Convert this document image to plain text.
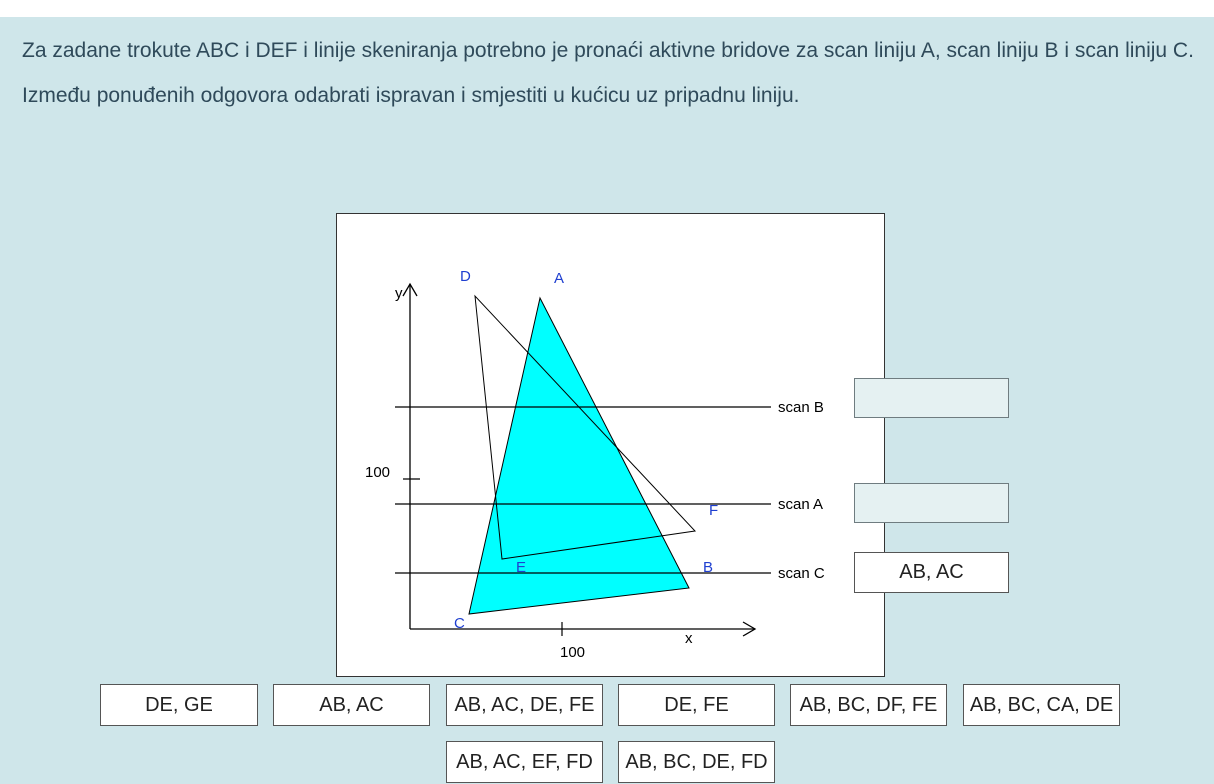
Za zadane trokute ABC i DEF i linije skeniranja potrebno je pronaći aktivne bridove za scan liniju A, scan liniju B i scan liniju C.

Između ponuđenih odgovora odabrati ispravan i smjestiti u kućicu uz pripadnu liniju.

y
x
100
100
scan B
scan A
scan C
A
B
C
D
E
F
AB, AC
DE, GE	AB, AC	AB, AC, DE, FE	DE, FE	AB, BC, DF, FE	AB, BC, CA, DE
AB, AC, EF, FD	AB, BC, DE, FD
